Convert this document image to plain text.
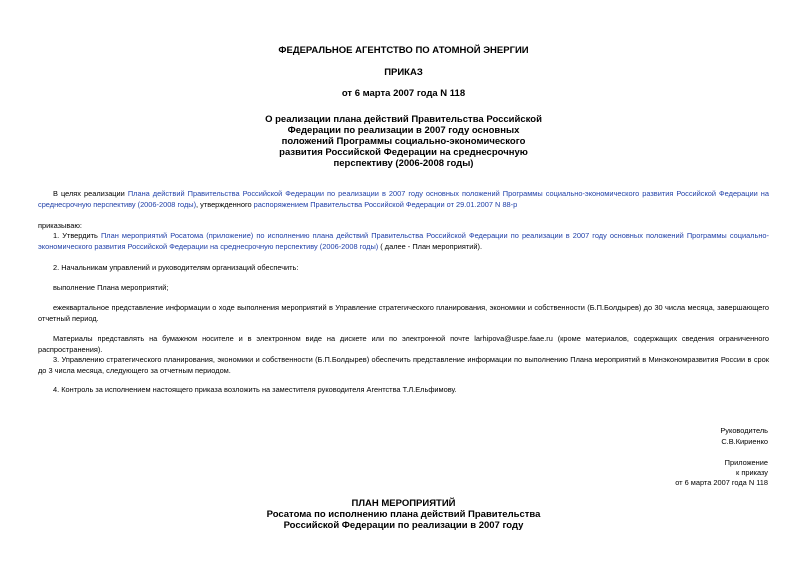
ФЕДЕРАЛЬНОЕ АГЕНТСТВО ПО АТОМНОЙ ЭНЕРГИИ
ПРИКАЗ
от 6 марта 2007 года N 118
О реализации плана действий Правительства Российской
Федерации по реализации в 2007 году основных
положений Программы социально-экономического
развития Российской Федерации на среднесрочную
перспективу (2006-2008 годы)
В целях реализации Плана действий Правительства Российской Федерации по реализации в 2007 году основных положений Программы социально-экономического развития Российской Федерации на среднесрочную перспективу (2006-2008 годы), утвержденного распоряжением Правительства Российской Федерации от 29.01.2007 N 88-р
приказываю:
1. Утвердить План мероприятий Росатома (приложение) по исполнению плана действий Правительства Российской Федерации по реализации в 2007 году основных положений Программы социально-экономического развития Российской Федерации на среднесрочную перспективу (2006-2008 годы) ( далее - План мероприятий).
2. Начальникам управлений и руководителям организаций обеспечить:
выполнение Плана мероприятий;
ежеквартальное представление информации о ходе выполнения мероприятий в Управление стратегического планирования, экономики и собственности (Б.П.Болдырев) до 30 числа месяца, завершающего отчетный период.
Материалы представлять на бумажном носителе и в электронном виде на дискете или по электронной почте larhipova@uspe.faae.ru (кроме материалов, содержащих сведения ограниченного распространения).
3. Управлению стратегического планирования, экономики и собственности (Б.П.Болдырев) обеспечить представление информации по выполнению Плана мероприятий в Минэкономразвития России в срок до 3 числа месяца, следующего за отчетным периодом.
4. Контроль за исполнением настоящего приказа возложить на заместителя руководителя Агентства Т.Л.Ельфимову.
Руководитель
С.В.Кириенко
Приложение
к приказу
от 6 марта 2007 года N 118
ПЛАН МЕРОПРИЯТИЙ
Росатома по исполнению плана действий Правительства
Российской Федерации по реализации в 2007 году
